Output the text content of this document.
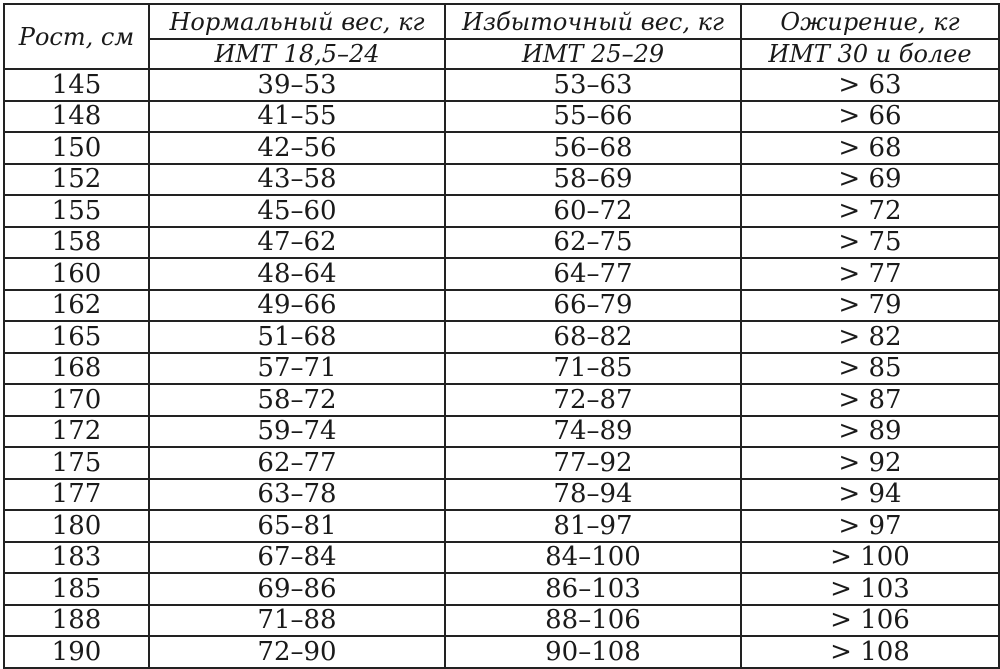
Рост, см	Нормальный вес, кг	Избыточный вес, кг	Ожирение, кг
	ИМТ 18,5–24	ИМТ 25–29	ИМТ 30 и более
145	39–53	53–63	> 63
148	41–55	55–66	> 66
150	42–56	56–68	> 68
152	43–58	58–69	> 69
155	45–60	60–72	> 72
158	47–62	62–75	> 75
160	48–64	64–77	> 77
162	49–66	66–79	> 79
165	51–68	68–82	> 82
168	57–71	71–85	> 85
170	58–72	72–87	> 87
172	59–74	74–89	> 89
175	62–77	77–92	> 92
177	63–78	78–94	> 94
180	65–81	81–97	> 97
183	67–84	84–100	> 100
185	69–86	86–103	> 103
188	71–88	88–106	> 106
190	72–90	90–108	> 108
